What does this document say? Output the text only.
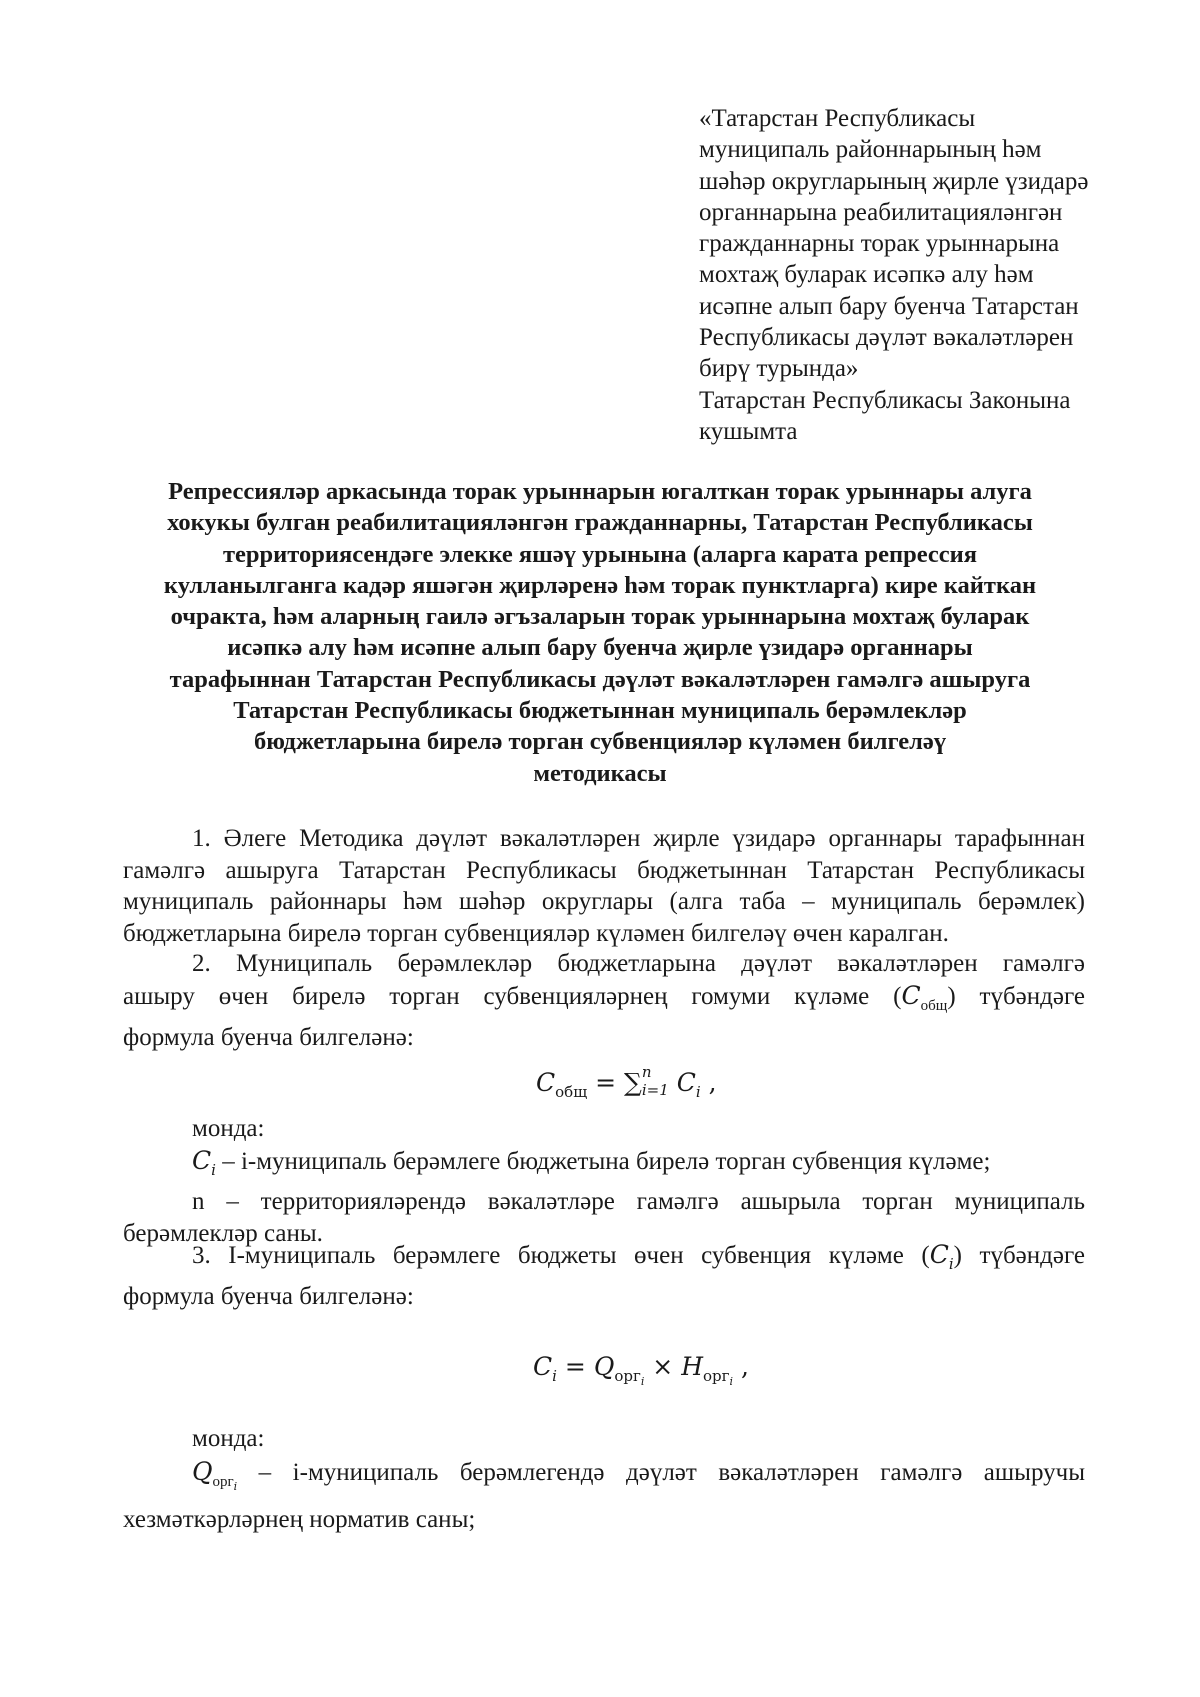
«Татарстан Республикасы
муниципаль районнарының һәм
шәһәр округларының җирле үзидарә
органнарына реабилитацияләнгән
гражданнарны торак урыннарына
мохтаҗ буларак исәпкә алу һәм
исәпне алып бару буенча Татарстан
Республикасы дәүләт вәкаләтләрен
бирү турында»
Татарстан Республикасы Законына
кушымта
Репрессияләр аркасында торак урыннарын югалткан торак урыннары алуга
хокукы булган реабилитацияләнгән гражданнарны, Татарстан Республикасы
территориясендәге элекке яшәү урынына (аларга карата репрессия
кулланылганга кадәр яшәгән җирләренә һәм торак пунктларга) кире кайткан
очракта, һәм аларның гаилә әгъзаларын торак урыннарына мохтаҗ буларак
исәпкә алу һәм исәпне алып бару буенча җирле үзидарә органнары
тарафыннан Татарстан Республикасы дәүләт вәкаләтләрен гамәлгә ашыруга
Татарстан Республикасы бюджетыннан муниципаль берәмлекләр
бюджетларына бирелә торган субвенцияләр күләмен билгеләү
методикасы

1. Әлеге Методика дәүләт вәкаләтләрен җирле үзидарә органнары тарафыннан
гамәлгә ашыруга Татарстан Республикасы бюджетыннан Татарстан Республикасы
муниципаль районнары һәм шәһәр округлары (алга таба – муниципаль берәмлек)
бюджетларына бирелә торган субвенцияләр күләмен билгеләү өчен каралган.

2. Муниципаль берәмлекләр бюджетларына дәүләт вәкаләтләрен гамәлгә
ашыру өчен бирелә торган субвенцияләрнең гомуми күләме $(C_{общ})$ түбәндәге
формула буенча билгеләнә:

$C_{общ}$ = ∑ $^n$
i=1 $C_i$ ,

монда:
$C_i$ – i-муниципаль берәмлеге бюджетына бирелә торган субвенция күләме;
n – территорияләрендә вәкаләтләре гамәлгә ашырыла торган муниципаль
берәмлекләр саны.

3. I-муниципаль берәмлеге бюджеты өчен субвенция күләме $(C_i)$ түбәндәге
формула буенча билгеләнә:

$C_i = Q_{орг_i} \times H_{орг_i}$ ,

монда:
$Q_{орг_i}$ – i-муниципаль берәмлегендә дәүләт вәкаләтләрен гамәлгә ашыручы
хезмәткәрләрнең норматив саны;
